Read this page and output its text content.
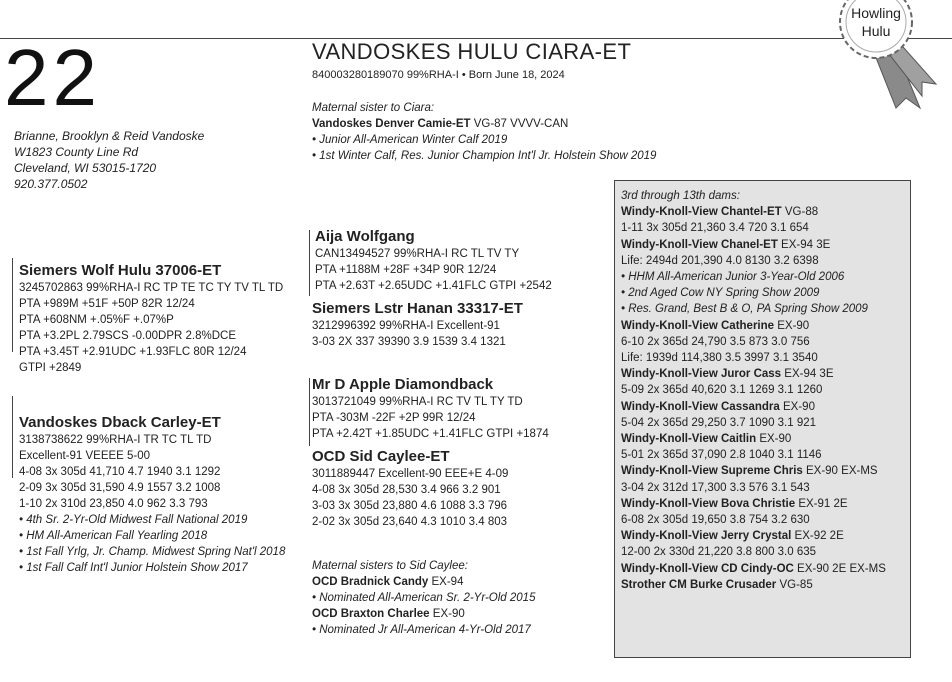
Howling
Hulu
22
Brianne, Brooklyn & Reid Vandoske
W1823 County Line Rd
Cleveland, WI 53015-1720
920.377.0502
VANDOSKES HULU CIARA-ET
840003280189070 99%RHA-I • Born June 18, 2024
Maternal sister to Ciara:
Vandoskes Denver Camie-ET VG-87 VVVV-CAN
• Junior All-American Winter Calf 2019
• 1st Winter Calf, Res. Junior Champion Int'l Jr. Holstein Show 2019
Siemers Wolf Hulu 37006-ET
3245702863 99%RHA-I RC TP TE TC TY TV TL TD
PTA +989M +51F +50P 82R 12/24
PTA +608NM +.05%F +.07%P
PTA +3.2PL 2.79SCS -0.00DPR 2.8%DCE
PTA +3.45T +2.91UDC +1.93FLC 80R 12/24
GTPI +2849
Vandoskes Dback Carley-ET
3138738622 99%RHA-I TR TC TL TD
Excellent-91 VEEEE 5-00
4-08 3x 305d 41,710 4.7 1940 3.1 1292
2-09 3x 305d 31,590 4.9 1557 3.2 1008
1-10 2x 310d 23,850 4.0 962 3.3 793
• 4th Sr. 2-Yr-Old Midwest Fall National 2019
• HM All-American Fall Yearling 2018
• 1st Fall Yrlg, Jr. Champ. Midwest Spring Nat'l 2018
• 1st Fall Calf Int'l Junior Holstein Show 2017
Aija Wolfgang
CAN13494527 99%RHA-I RC TL TV TY
PTA +1188M +28F +34P 90R 12/24
PTA +2.63T +2.65UDC +1.41FLC GTPI +2542
Siemers Lstr Hanan 33317-ET
3212996392 99%RHA-I Excellent-91
3-03 2X 337 39390 3.9 1539 3.4 1321
Mr D Apple Diamondback
3013721049 99%RHA-I RC TV TL TY TD
PTA -303M -22F +2P 99R 12/24
PTA +2.42T +1.85UDC +1.41FLC GTPI +1874
OCD Sid Caylee-ET
3011889447 Excellent-90 EEE+E 4-09
4-08 3x 305d 28,530 3.4 966 3.2 901
3-03 3x 305d 23,880 4.6 1088 3.3 796
2-02 3x 305d 23,640 4.3 1010 3.4 803
Maternal sisters to Sid Caylee:
OCD Bradnick Candy EX-94
• Nominated All-American Sr. 2-Yr-Old 2015
OCD Braxton Charlee EX-90
• Nominated Jr All-American 4-Yr-Old 2017
3rd through 13th dams:
Windy-Knoll-View Chantel-ET VG-88
1-11 3x 305d 21,360 3.4 720 3.1 654
Windy-Knoll-View Chanel-ET EX-94 3E
Life: 2494d 201,390 4.0 8130 3.2 6398
• HHM All-American Junior 3-Year-Old 2006
• 2nd Aged Cow NY Spring Show 2009
• Res. Grand, Best B & O, PA Spring Show 2009
Windy-Knoll-View Catherine EX-90
6-10 2x 365d 24,790 3.5 873 3.0 756
Life: 1939d 114,380 3.5 3997 3.1 3540
Windy-Knoll-View Juror Cass EX-94 3E
5-09 2x 365d 40,620 3.1 1269 3.1 1260
Windy-Knoll-View Cassandra EX-90
5-04 2x 365d 29,250 3.7 1090 3.1 921
Windy-Knoll-View Caitlin EX-90
5-01 2x 365d 37,090 2.8 1040 3.1 1146
Windy-Knoll-View Supreme Chris EX-90 EX-MS
3-04 2x 312d 17,300 3.3 576 3.1 543
Windy-Knoll-View Bova Christie EX-91 2E
6-08 2x 305d 19,650 3.8 754 3.2 630
Windy-Knoll-View Jerry Crystal EX-92 2E
12-00 2x 330d 21,220 3.8 800 3.0 635
Windy-Knoll-View CD Cindy-OC EX-90 2E EX-MS
Strother CM Burke Crusader VG-85
